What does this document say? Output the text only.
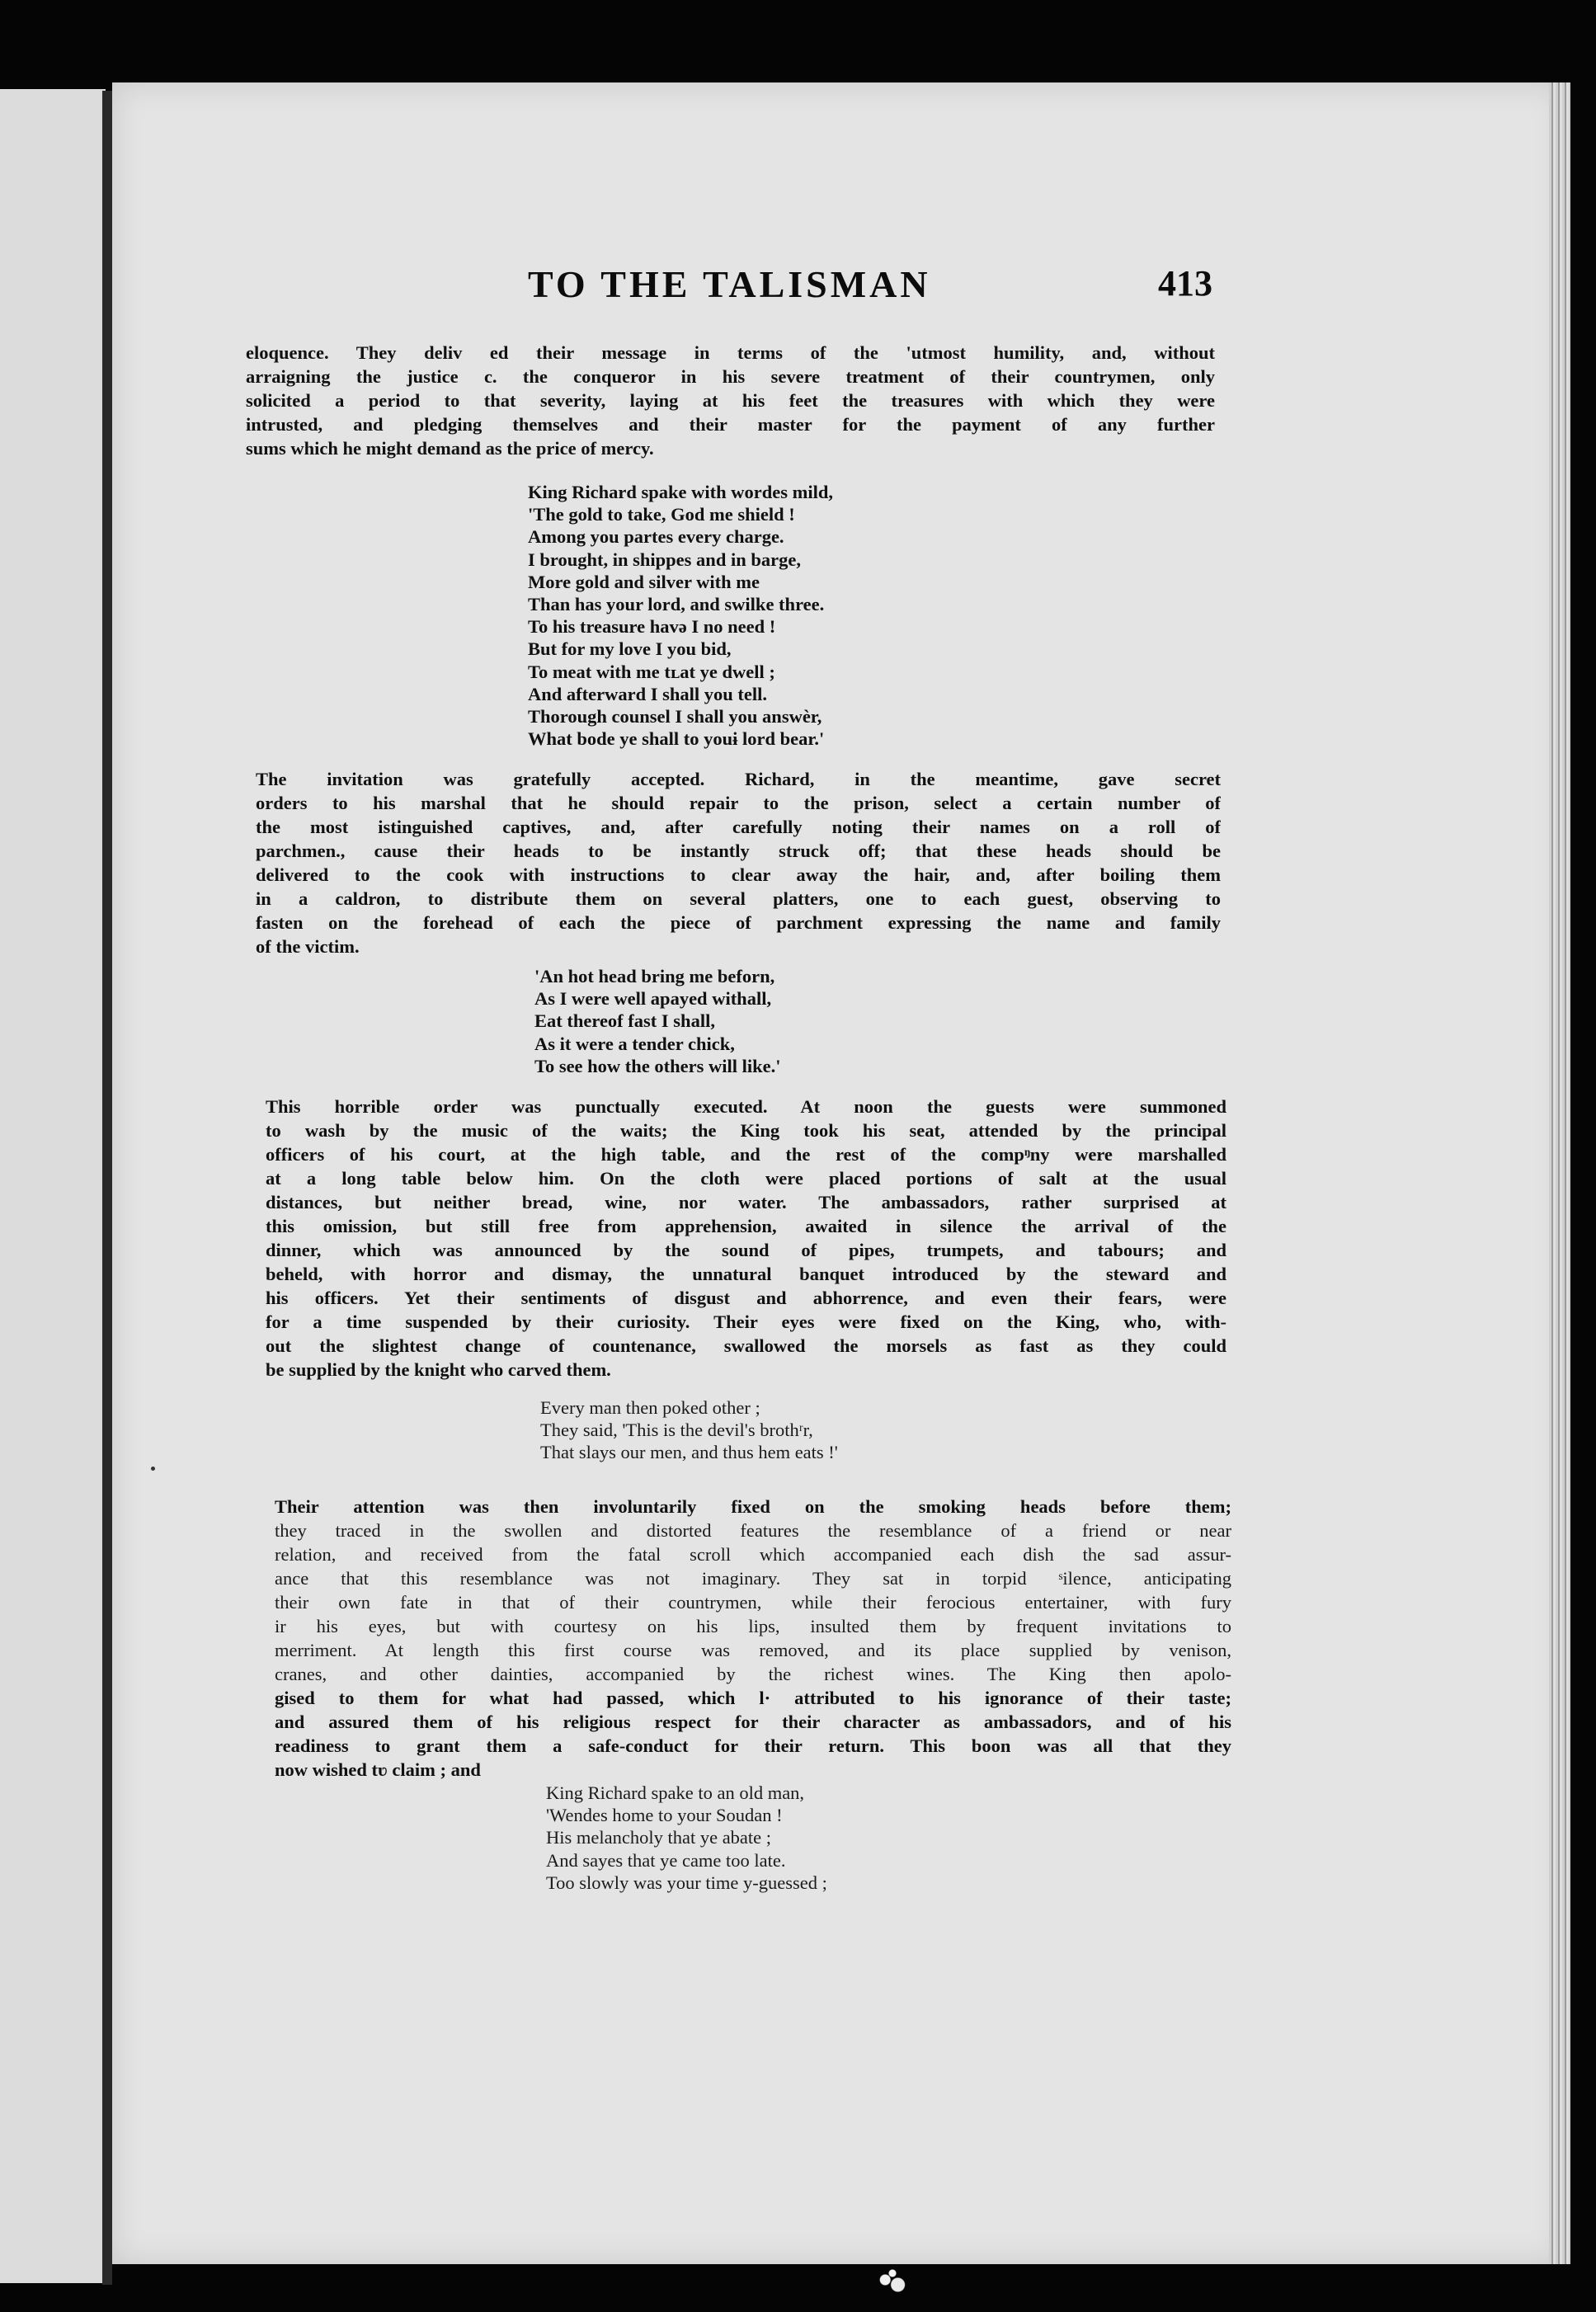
TO THE TALISMAN	413
eloquence. They deliv ed their message in terms of the 'utmost humility, and, without
arraigning the justice c. the conqueror in his severe treatment of their countrymen, only
solicited a period to that severity, laying at his feet the treasures with which they were
intrusted, and pledging themselves and their master for the payment of any further
sums which he might demand as the price of mercy.
King Richard spake with wordes mild,
'The gold to take, God me shield !
Among you partes every charge.
I brought, in shippes and in barge,
More gold and silver with me
Than has your lord, and swilke three.
To his treasure havə I no need !
But for my love I you bid,
To meat with me tʟat ye dwell ;
And afterward I shall you tell.
Thorough counsel I shall you answèr,
What bode ye shall to youɨ lord bear.'
The invitation was gratefully accepted. Richard, in the meantime, gave secret
orders to his marshal that he should repair to the prison, select a certain number of
the most istinguished captives, and, after carefully noting their names on a roll of
parchmen., cause their heads to be instantly struck off; that these heads should be
delivered to the cook with instructions to clear away the hair, and, after boiling them
in a caldron, to distribute them on several platters, one to each guest, observing to
fasten on the forehead of each the piece of parchment expressing the name and family
of the victim.
'An hot head bring me beforn,
As I were well apayed withall,
Eat thereof fast I shall,
As it were a tender chick,
To see how the others will like.'
This horrible order was punctually executed. At noon the guests were summoned
to wash by the music of the waits; the King took his seat, attended by the principal
officers of his court, at the high table, and the rest of the compᵑny were marshalled
at a long table below him. On the cloth were placed portions of salt at the usual
distances, but neither bread, wine, nor water. The ambassadors, rather surprised at
this omission, but still free from apprehension, awaited in silence the arrival of the
dinner, which was announced by the sound of pipes, trumpets, and tabours; and
beheld, with horror and dismay, the unnatural banquet introduced by the steward and
his officers. Yet their sentiments of disgust and abhorrence, and even their fears, were
for a time suspended by their curiosity. Their eyes were fixed on the King, who, with-
out the slightest change of countenance, swallowed the morsels as fast as they could
be supplied by the knight who carved them.
Every man then poked other ;
They said, 'This is the devil's brothʳr,
That slays our men, and thus hem eats !'
Their attention was then involuntarily fixed on the smoking heads before them;
they traced in the swollen and distorted features the resemblance of a friend or near
relation, and received from the fatal scroll which accompanied each dish the sad assur-
ance that this resemblance was not imaginary. They sat in torpid ˢilence, anticipating
their own fate in that of their countrymen, while their ferocious entertainer, with fury
ir his eyes, but with courtesy on his lips, insulted them by frequent invitations to
merriment. At length this first course was removed, and its place supplied by venison,
cranes, and other dainties, accompanied by the richest wines. The King then apolo-
gised to them for what had passed, which l· attributed to his ignorance of their taste;
and assured them of his religious respect for their character as ambassadors, and of his
readiness to grant them a safe-conduct for their return. This boon was all that they
now wished tʋ claim ; and
King Richard spake to an old man,
'Wendes home to your Soudan !
His melancholy that ye abate ;
And sayes that ye came too late.
Too slowly was your time y-guessed ;
